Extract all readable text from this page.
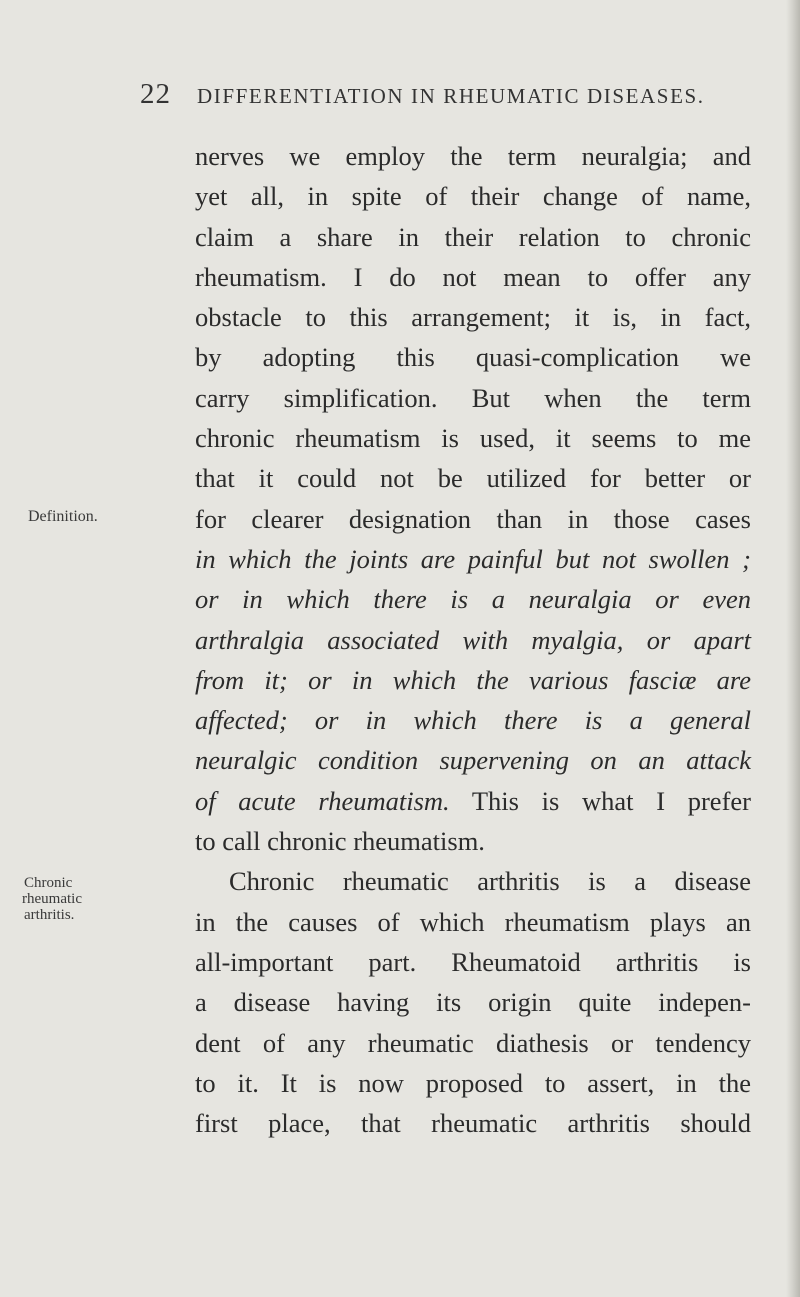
22 DIFFERENTIATION IN RHEUMATIC DISEASES.
Definition.
Chronic
rheumatic
arthritis.
nerves we employ the term neuralgia; and
yet all, in spite of their change of name,
claim a share in their relation to chronic
rheumatism. I do not mean to offer any
obstacle to this arrangement; it is, in fact,
by adopting this quasi-complication we
carry simplification. But when the term
chronic rheumatism is used, it seems to me
that it could not be utilized for better or
for clearer designation than in those cases
in which the joints are painful but not swollen ;
or in which there is a neuralgia or even
arthralgia associated with myalgia, or apart
from it; or in which the various fasciæ are
affected; or in which there is a general
neuralgic condition supervening on an attack
of acute rheumatism. This is what I prefer
to call chronic rheumatism.
Chronic rheumatic arthritis is a disease
in the causes of which rheumatism plays an
all-important part. Rheumatoid arthritis is
a disease having its origin quite indepen-
dent of any rheumatic diathesis or tendency
to it. It is now proposed to assert, in the
first place, that rheumatic arthritis should
